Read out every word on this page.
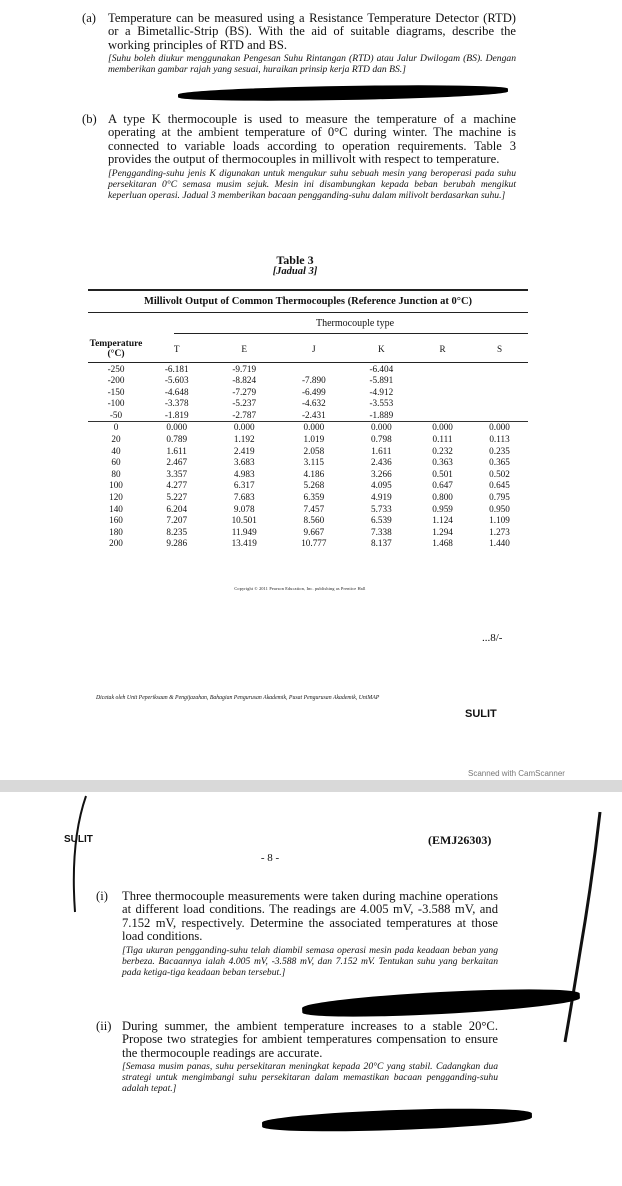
(a) Temperature can be measured using a Resistance Temperature Detector (RTD) or a Bimetallic-Strip (BS). With the aid of suitable diagrams, describe the working principles of RTD and BS.
[Suhu boleh diukur menggunakan Pengesan Suhu Rintangan (RTD) atau Jalur Dwilogam (BS). Dengan memberikan gambar rajah yang sesuai, huraikan prinsip kerja RTD dan BS.]
(b) A type K thermocouple is used to measure the temperature of a machine operating at the ambient temperature of 0°C during winter. The machine is connected to variable loads according to operation requirements. Table 3 provides the output of thermocouples in millivolt with respect to temperature.
[Pengganding-suhu jenis K digunakan untuk mengukur suhu sebuah mesin yang beroperasi pada suhu persekitaran 0°C semasa musim sejuk. Mesin ini disambungkan kepada beban berubah mengikut keperluan operasi. Jadual 3 memberikan bacaan pengganding-suhu dalam milivolt berdasarkan suhu.]
Table 3
[Jadual 3]
Millivolt Output of Common Thermocouples (Reference Junction at 0°C)
Thermocouple type
Temperature (°C)	T	E	J	K	R	S
-250	-6.181	-9.719		-6.404		
-200	-5.603	-8.824	-7.890	-5.891		
-150	-4.648	-7.279	-6.499	-4.912		
-100	-3.378	-5.237	-4.632	-3.553		
-50	-1.819	-2.787	-2.431	-1.889		
0	0.000	0.000	0.000	0.000	0.000	0.000
20	0.789	1.192	1.019	0.798	0.111	0.113
40	1.611	2.419	2.058	1.611	0.232	0.235
60	2.467	3.683	3.115	2.436	0.363	0.365
80	3.357	4.983	4.186	3.266	0.501	0.502
100	4.277	6.317	5.268	4.095	0.647	0.645
120	5.227	7.683	6.359	4.919	0.800	0.795
140	6.204	9.078	7.457	5.733	0.959	0.950
160	7.207	10.501	8.560	6.539	1.124	1.109
180	8.235	11.949	9.667	7.338	1.294	1.273
200	9.286	13.419	10.777	8.137	1.468	1.440
Copyright © 2011 Pearson Education, Inc. publishing as Prentice Hall
...8/-
Dicetak oleh Unit Peperiksaan & Pengijazahan, Bahagian Pengurusan Akademik, Pusat Pengurusan Akademik, UniMAP
SULIT
Scanned with CamScanner
SULIT	(EMJ26303)
- 8 -
(i) Three thermocouple measurements were taken during machine operations at different load conditions. The readings are 4.005 mV, -3.588 mV, and 7.152 mV, respectively. Determine the associated temperatures at those load conditions.
[Tiga ukuran pengganding-suhu telah diambil semasa operasi mesin pada keadaan beban yang berbeza. Bacaannya ialah 4.005 mV, -3.588 mV, dan 7.152 mV. Tentukan suhu yang berkaitan pada ketiga-tiga keadaan beban tersebut.]
(ii) During summer, the ambient temperature increases to a stable 20°C. Propose two strategies for ambient temperatures compensation to ensure the thermocouple readings are accurate.
[Semasa musim panas, suhu persekitaran meningkat kepada 20°C yang stabil. Cadangkan dua strategi untuk mengimbangi suhu persekitaran dalam memastikan bacaan pengganding-suhu adalah tepat.]
